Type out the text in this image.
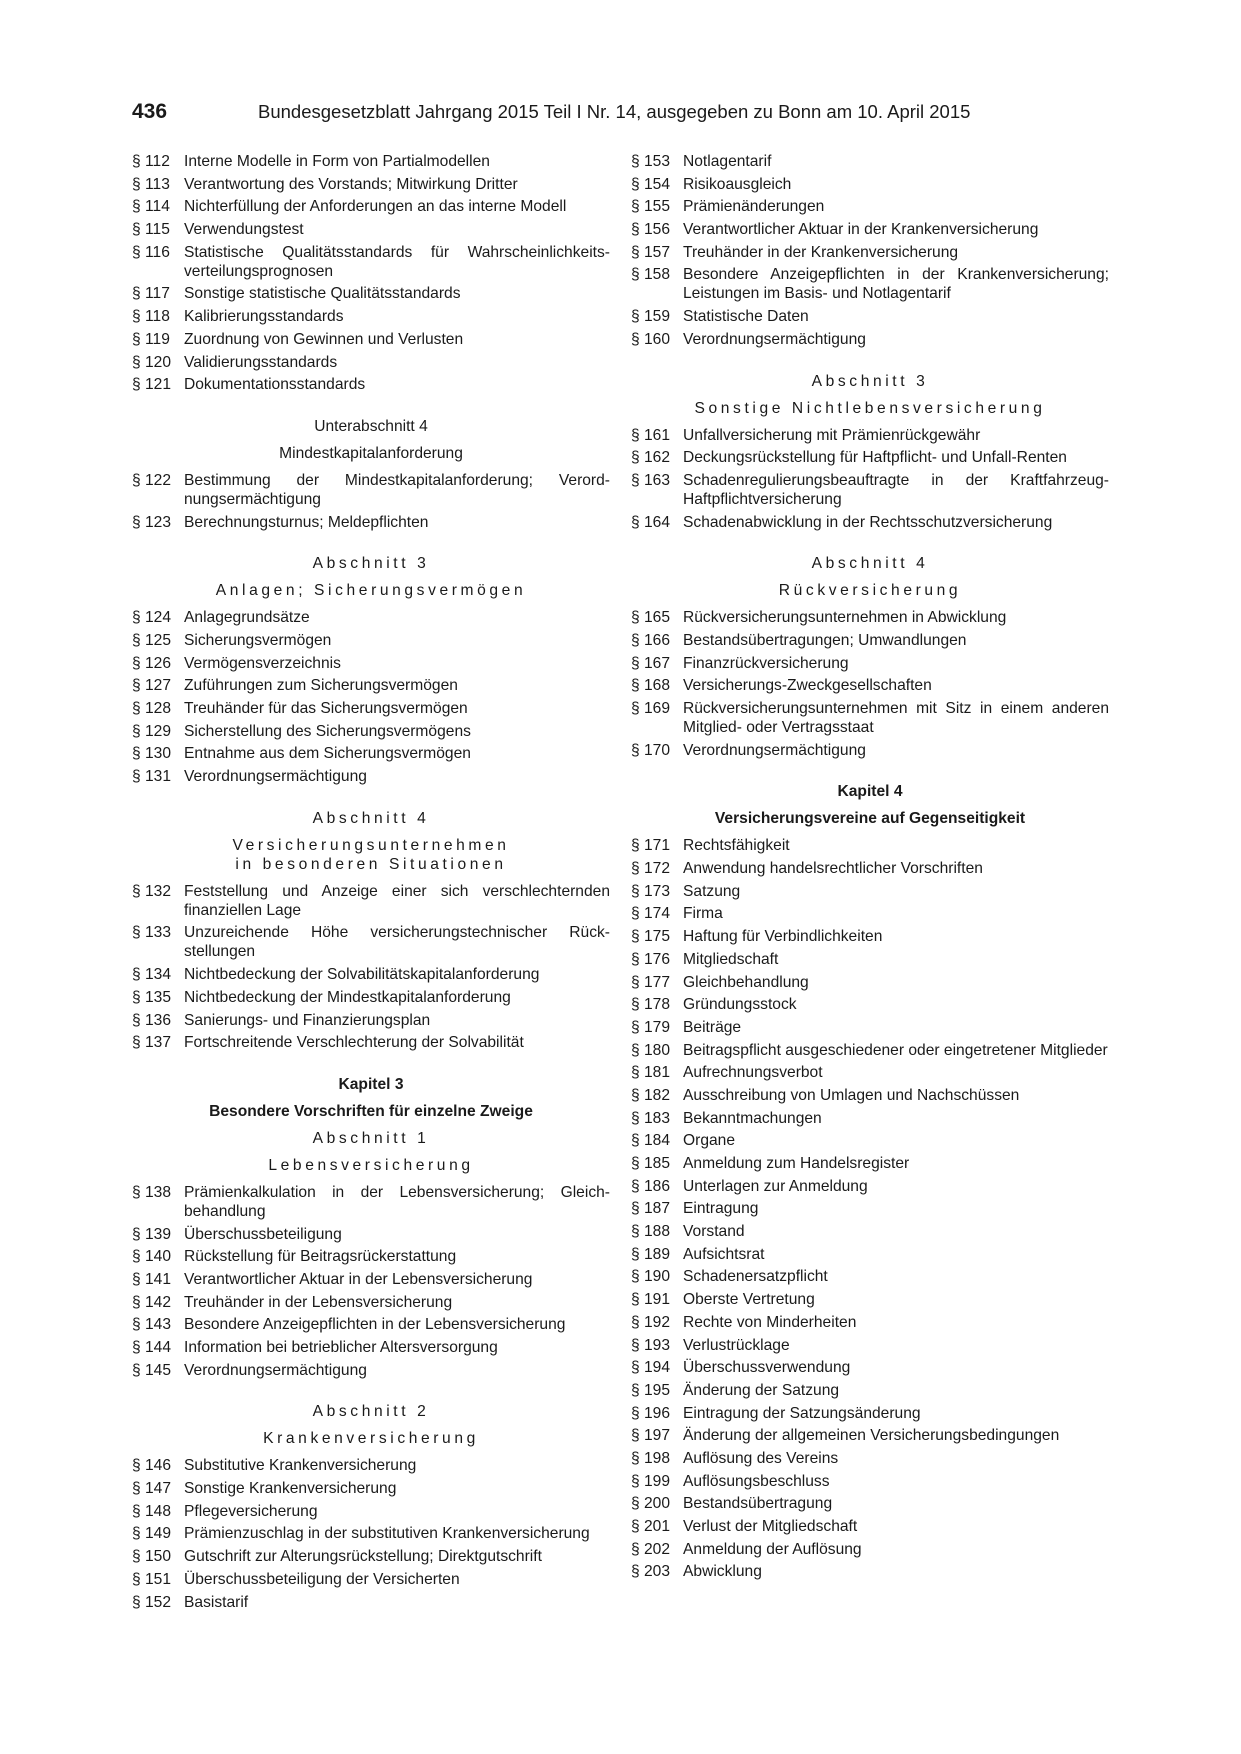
436	Bundesgesetzblatt Jahrgang 2015 Teil I Nr. 14, ausgegeben zu Bonn am 10. April 2015
§ 112 Interne Modelle in Form von Partialmodellen
§ 113 Verantwortung des Vorstands; Mitwirkung Dritter
§ 114 Nichterfüllung der Anforderungen an das interne Modell
§ 115 Verwendungstest
§ 116 Statistische Qualitätsstandards für Wahrscheinlichkeitsverteilungsprognosen
§ 117 Sonstige statistische Qualitätsstandards
§ 118 Kalibrierungsstandards
§ 119 Zuordnung von Gewinnen und Verlusten
§ 120 Validierungsstandards
§ 121 Dokumentationsstandards
Unterabschnitt 4
Mindestkapitalanforderung
§ 122 Bestimmung der Mindestkapitalanforderung; Verordnungsermächtigung
§ 123 Berechnungsturnus; Meldepflichten
Abschnitt 3
Anlagen; Sicherungsvermögen
§ 124 Anlagegrundsätze
§ 125 Sicherungsvermögen
§ 126 Vermögensverzeichnis
§ 127 Zuführungen zum Sicherungsvermögen
§ 128 Treuhänder für das Sicherungsvermögen
§ 129 Sicherstellung des Sicherungsvermögens
§ 130 Entnahme aus dem Sicherungsvermögen
§ 131 Verordnungsermächtigung
Abschnitt 4
Versicherungsunternehmen
in besonderen Situationen
§ 132 Feststellung und Anzeige einer sich verschlechternden finanziellen Lage
§ 133 Unzureichende Höhe versicherungstechnischer Rückstellungen
§ 134 Nichtbedeckung der Solvabilitätskapitalanforderung
§ 135 Nichtbedeckung der Mindestkapitalanforderung
§ 136 Sanierungs- und Finanzierungsplan
§ 137 Fortschreitende Verschlechterung der Solvabilität
Kapitel 3
Besondere Vorschriften für einzelne Zweige
Abschnitt 1
Lebensversicherung
§ 138 Prämienkalkulation in der Lebensversicherung; Gleichbehandlung
§ 139 Überschussbeteiligung
§ 140 Rückstellung für Beitragsrückerstattung
§ 141 Verantwortlicher Aktuar in der Lebensversicherung
§ 142 Treuhänder in der Lebensversicherung
§ 143 Besondere Anzeigepflichten in der Lebensversicherung
§ 144 Information bei betrieblicher Altersversorgung
§ 145 Verordnungsermächtigung
Abschnitt 2
Krankenversicherung
§ 146 Substitutive Krankenversicherung
§ 147 Sonstige Krankenversicherung
§ 148 Pflegeversicherung
§ 149 Prämienzuschlag in der substitutiven Krankenversicherung
§ 150 Gutschrift zur Alterungsrückstellung; Direktgutschrift
§ 151 Überschussbeteiligung der Versicherten
§ 152 Basistarif
§ 153 Notlagentarif
§ 154 Risikoausgleich
§ 155 Prämienänderungen
§ 156 Verantwortlicher Aktuar in der Krankenversicherung
§ 157 Treuhänder in der Krankenversicherung
§ 158 Besondere Anzeigepflichten in der Krankenversicherung; Leistungen im Basis- und Notlagentarif
§ 159 Statistische Daten
§ 160 Verordnungsermächtigung
Abschnitt 3
Sonstige Nichtlebensversicherung
§ 161 Unfallversicherung mit Prämienrückgewähr
§ 162 Deckungsrückstellung für Haftpflicht- und Unfall-Renten
§ 163 Schadenregulierungsbeauftragte in der Kraftfahrzeug-Haftpflichtversicherung
§ 164 Schadenabwicklung in der Rechtsschutzversicherung
Abschnitt 4
Rückversicherung
§ 165 Rückversicherungsunternehmen in Abwicklung
§ 166 Bestandsübertragungen; Umwandlungen
§ 167 Finanzrückversicherung
§ 168 Versicherungs-Zweckgesellschaften
§ 169 Rückversicherungsunternehmen mit Sitz in einem anderen Mitglied- oder Vertragsstaat
§ 170 Verordnungsermächtigung
Kapitel 4
Versicherungsvereine auf Gegenseitigkeit
§ 171 Rechtsfähigkeit
§ 172 Anwendung handelsrechtlicher Vorschriften
§ 173 Satzung
§ 174 Firma
§ 175 Haftung für Verbindlichkeiten
§ 176 Mitgliedschaft
§ 177 Gleichbehandlung
§ 178 Gründungsstock
§ 179 Beiträge
§ 180 Beitragspflicht ausgeschiedener oder eingetretener Mitglieder
§ 181 Aufrechnungsverbot
§ 182 Ausschreibung von Umlagen und Nachschüssen
§ 183 Bekanntmachungen
§ 184 Organe
§ 185 Anmeldung zum Handelsregister
§ 186 Unterlagen zur Anmeldung
§ 187 Eintragung
§ 188 Vorstand
§ 189 Aufsichtsrat
§ 190 Schadenersatzpflicht
§ 191 Oberste Vertretung
§ 192 Rechte von Minderheiten
§ 193 Verlustrücklage
§ 194 Überschussverwendung
§ 195 Änderung der Satzung
§ 196 Eintragung der Satzungsänderung
§ 197 Änderung der allgemeinen Versicherungsbedingungen
§ 198 Auflösung des Vereins
§ 199 Auflösungsbeschluss
§ 200 Bestandsübertragung
§ 201 Verlust der Mitgliedschaft
§ 202 Anmeldung der Auflösung
§ 203 Abwicklung
